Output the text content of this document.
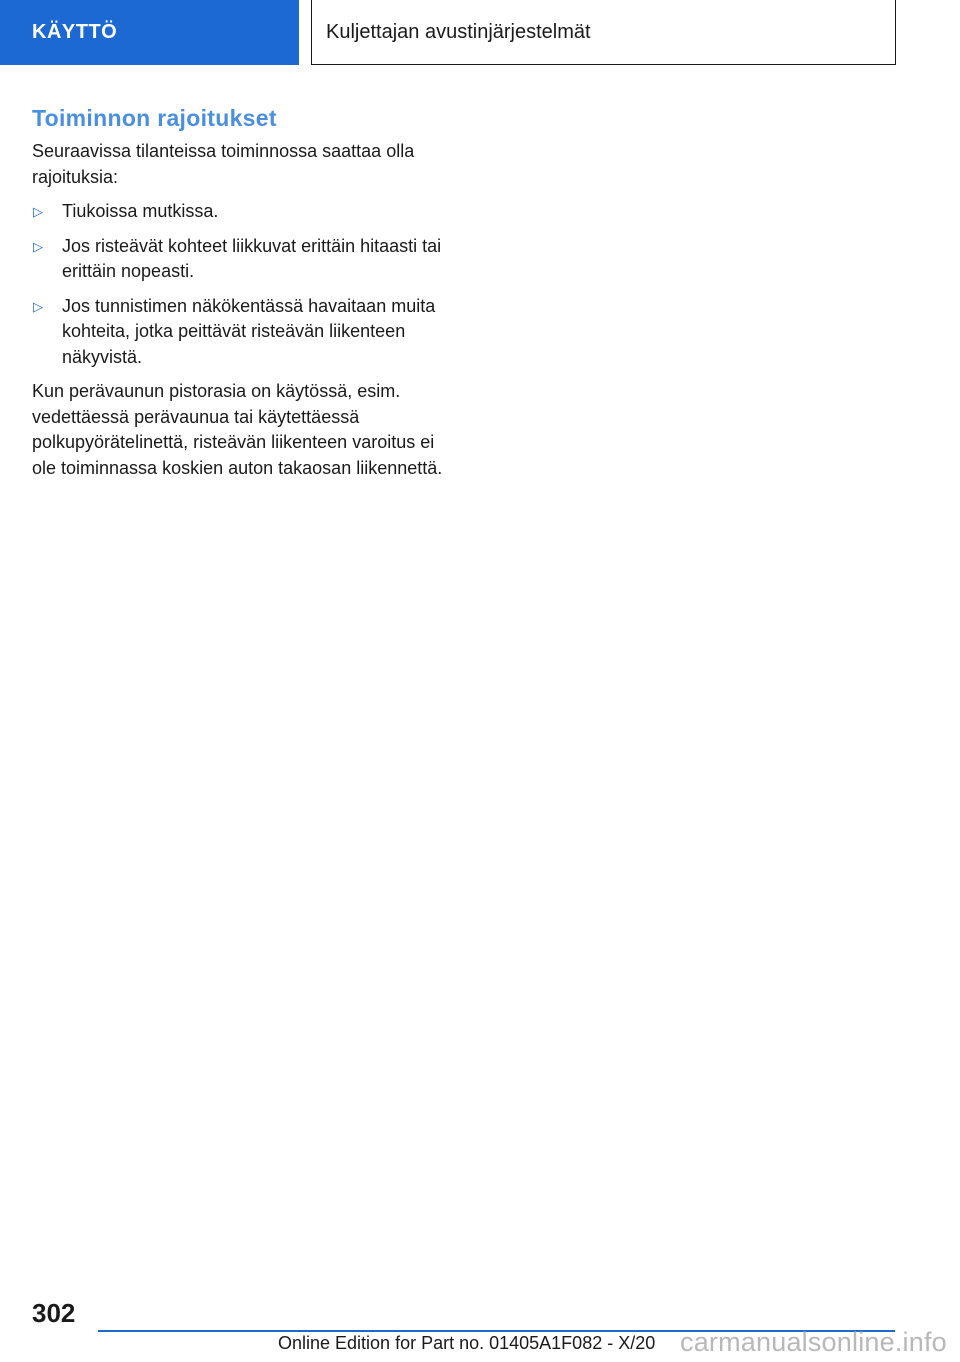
KÄYTTÖ	Kuljettajan avustinjärjestelmät
Toiminnon rajoitukset

Seuraavissa tilanteissa toiminnossa saattaa olla rajoituksia:

▷	Tiukoissa mutkissa.
▷	Jos risteävät kohteet liikkuvat erittäin hitaasti tai erittäin nopeasti.
▷	Jos tunnistimen näkökentässä havaitaan muita kohteita, jotka peittävät risteävän liikenteen näkyvistä.

Kun perävaunun pistorasia on käytössä, esim. vedettäessä perävaunua tai käytettäessä polkupyörätelinettä, risteävän liikenteen varoitus ei ole toiminnassa koskien auton takaosan liikennettä.

302
Online Edition for Part no. 01405A1F082 - X/20 carmanualsonline.info
